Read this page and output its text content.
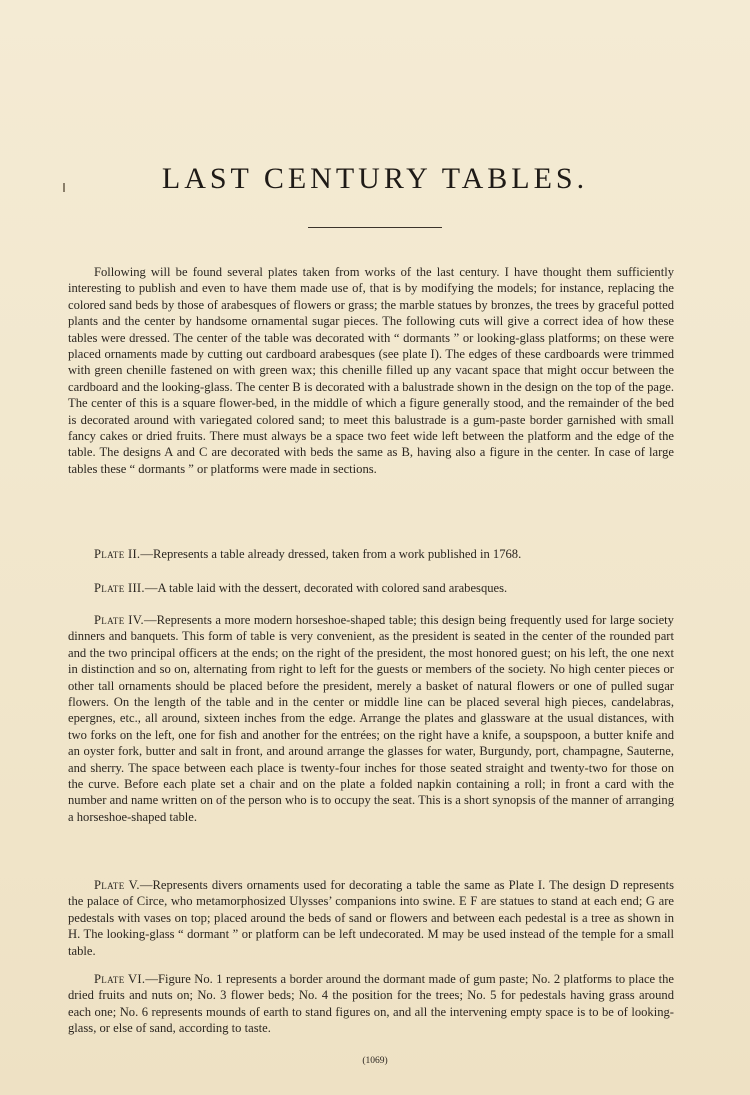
LAST CENTURY TABLES.

Following will be found several plates taken from works of the last century. I have thought them sufficiently interesting to publish and even to have them made use of, that is by modifying the models; for instance, replacing the colored sand beds by those of arabesques of flowers or grass; the marble statues by bronzes, the trees by graceful potted plants and the center by handsome ornamental sugar pieces. The following cuts will give a correct idea of how these tables were dressed. The center of the table was decorated with “ dormants ” or looking-glass platforms; on these were placed ornaments made by cutting out cardboard arabesques (see plate I). The edges of these cardboards were trimmed with green chenille fastened on with green wax; this chenille filled up any vacant space that might occur between the cardboard and the looking-glass. The center B is decorated with a balustrade shown in the design on the top of the page. The center of this is a square flower-bed, in the middle of which a figure generally stood, and the remainder of the bed is decorated around with variegated colored sand; to meet this balustrade is a gum-paste border garnished with small fancy cakes or dried fruits. There must always be a space two feet wide left between the platform and the edge of the table. The designs A and C are decorated with beds the same as B, having also a figure in the center. In case of large tables these “ dormants ” or platforms were made in sections.

Plate II.—Represents a table already dressed, taken from a work published in 1768.

Plate III.—A table laid with the dessert, decorated with colored sand arabesques.

Plate IV.—Represents a more modern horseshoe-shaped table; this design being frequently used for large society dinners and banquets. This form of table is very convenient, as the president is seated in the center of the rounded part and the two principal officers at the ends; on the right of the president, the most honored guest; on his left, the one next in distinction and so on, alternating from right to left for the guests or members of the society. No high center pieces or other tall ornaments should be placed before the president, merely a basket of natural flowers or one of pulled sugar flowers. On the length of the table and in the center or middle line can be placed several high pieces, candelabras, epergnes, etc., all around, sixteen inches from the edge. Arrange the plates and glassware at the usual distances, with two forks on the left, one for fish and another for the entrées; on the right have a knife, a soupspoon, a butter knife and an oyster fork, butter and salt in front, and around arrange the glasses for water, Burgundy, port, champagne, Sauterne, and sherry. The space between each place is twenty-four inches for those seated straight and twenty-two for those on the curve. Before each plate set a chair and on the plate a folded napkin containing a roll; in front a card with the number and name written on of the person who is to occupy the seat. This is a short synopsis of the manner of arranging a horseshoe-shaped table.

Plate V.—Represents divers ornaments used for decorating a table the same as Plate I. The design D represents the palace of Circe, who metamorphosized Ulysses’ companions into swine. E F are statues to stand at each end; G are pedestals with vases on top; placed around the beds of sand or flowers and between each pedestal is a tree as shown in H. The looking-glass “ dormant ” or platform can be left undecorated. M may be used instead of the temple for a small table.

Plate VI.—Figure No. 1 represents a border around the dormant made of gum paste; No. 2 platforms to place the dried fruits and nuts on; No. 3 flower beds; No. 4 the position for the trees; No. 5 for pedestals having grass around each one; No. 6 represents mounds of earth to stand figures on, and all the intervening empty space is to be of looking-glass, or else of sand, according to taste.

(1069)
